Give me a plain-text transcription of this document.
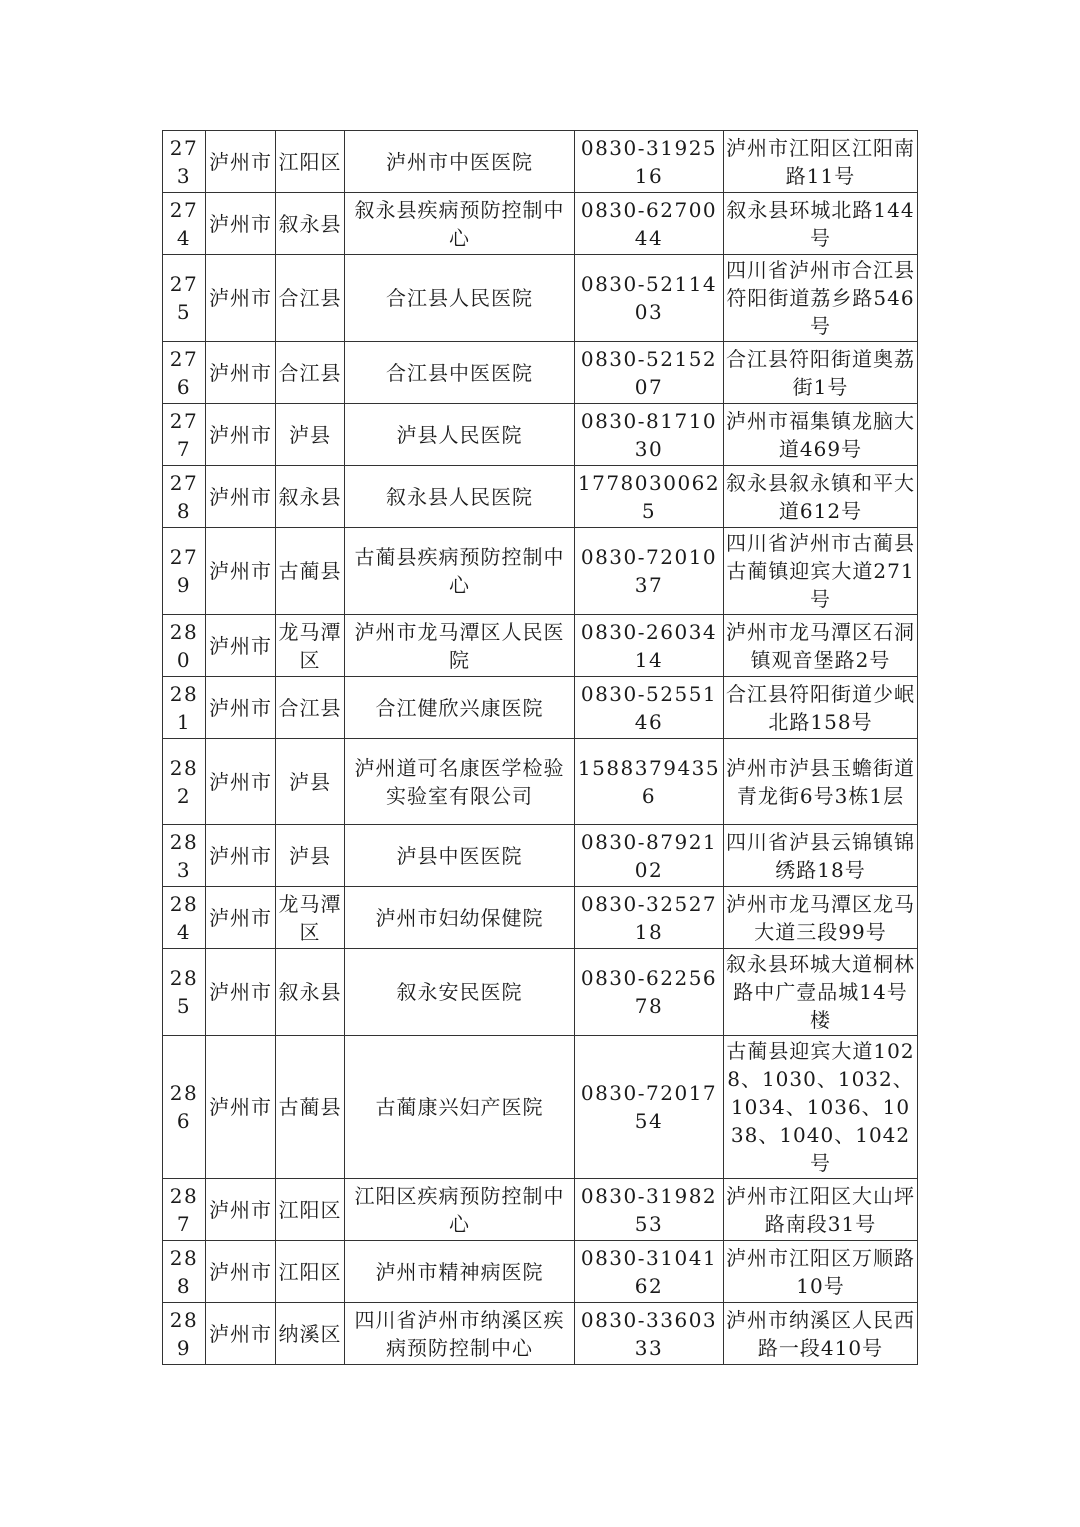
273	泸州市	江阳区	泸州市中医医院	0830-3192516	泸州市江阳区江阳南路11号
274	泸州市	叙永县	叙永县疾病预防控制中心	0830-6270044	叙永县环城北路144号
275	泸州市	合江县	合江县人民医院	0830-5211403	四川省泸州市合江县符阳街道荔乡路546号
276	泸州市	合江县	合江县中医医院	0830-5215207	合江县符阳街道奥荔街1号
277	泸州市	泸县	泸县人民医院	0830-8171030	泸州市福集镇龙脑大道469号
278	泸州市	叙永县	叙永县人民医院	17780300625	叙永县叙永镇和平大道612号
279	泸州市	古蔺县	古蔺县疾病预防控制中心	0830-7201037	四川省泸州市古蔺县古蔺镇迎宾大道271号
280	泸州市	龙马潭区	泸州市龙马潭区人民医院	0830-2603414	泸州市龙马潭区石洞镇观音堡路2号
281	泸州市	合江县	合江健欣兴康医院	0830-5255146	合江县符阳街道少岷北路158号
282	泸州市	泸县	泸州道可名康医学检验实验室有限公司	15883794356	泸州市泸县玉蟾街道青龙街6号3栋1层
283	泸州市	泸县	泸县中医医院	0830-8792102	四川省泸县云锦镇锦绣路18号
284	泸州市	龙马潭区	泸州市妇幼保健院	0830-3252718	泸州市龙马潭区龙马大道三段99号
285	泸州市	叙永县	叙永安民医院	0830-6225678	叙永县环城大道桐林路中广壹品城14号楼
286	泸州市	古蔺县	古蔺康兴妇产医院	0830-7201754	古蔺县迎宾大道1028、1030、1032、1034、1036、1038、1040、1042号
287	泸州市	江阳区	江阳区疾病预防控制中心	0830-3198253	泸州市江阳区大山坪路南段31号
288	泸州市	江阳区	泸州市精神病医院	0830-3104162	泸州市江阳区万顺路10号
289	泸州市	纳溪区	四川省泸州市纳溪区疾病预防控制中心	0830-3360333	泸州市纳溪区人民西路一段410号
